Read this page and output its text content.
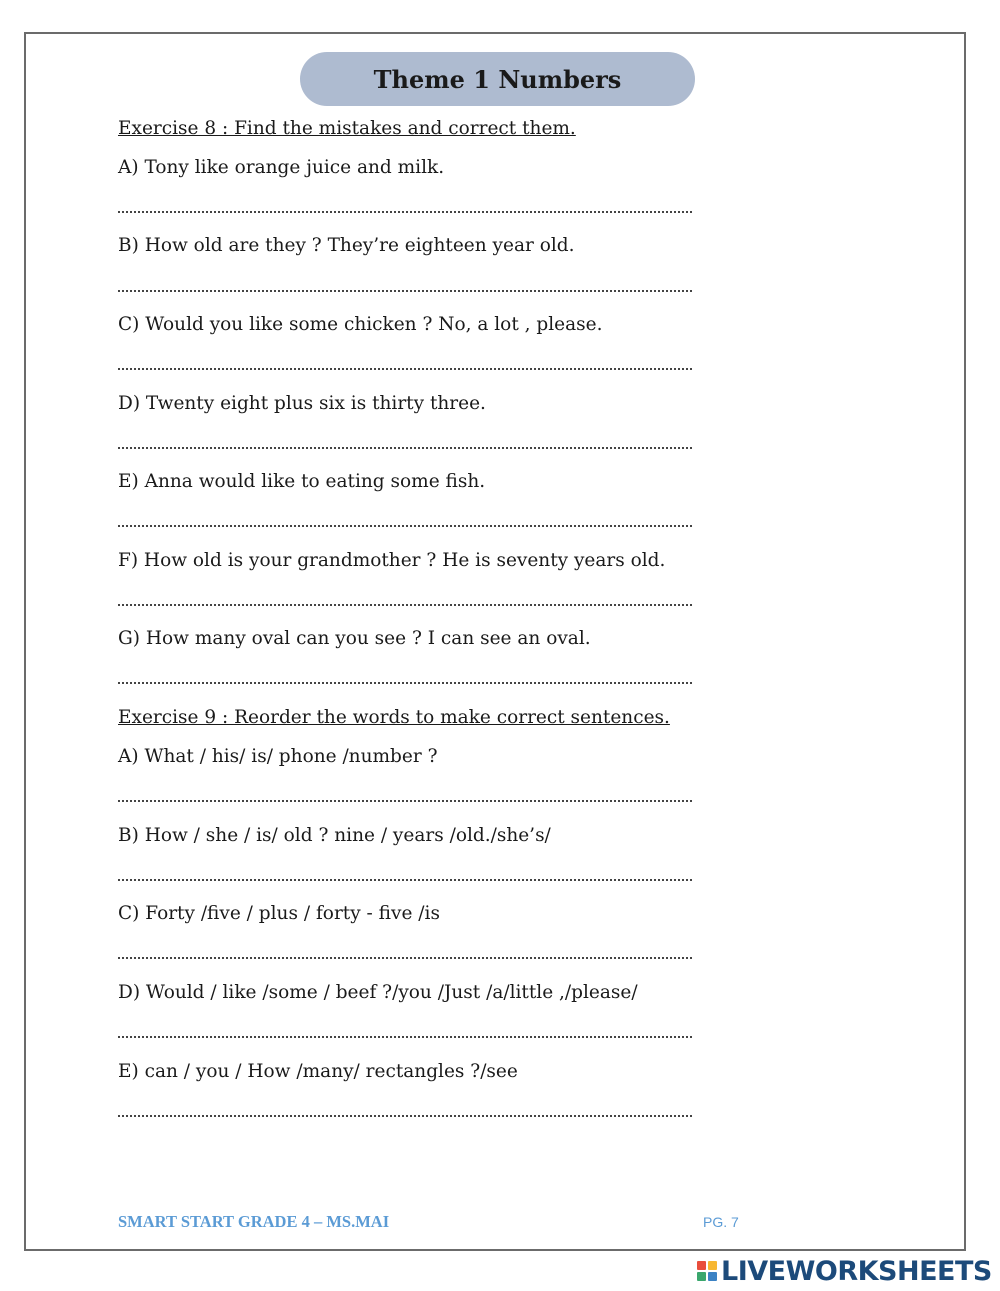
Theme 1 Numbers
Exercise 8 : Find the mistakes and correct them.
A) Tony like orange juice and milk.
B) How old are they ? They’re eighteen year old.
C) Would you like some chicken ? No, a lot , please.
D) Twenty eight plus six is thirty three.
E) Anna would like to eating some fish.
F) How old is your grandmother ? He is seventy years old.
G) How many oval can you see ? I can see an oval.
Exercise 9 : Reorder the words to make correct sentences.
A) What / his/ is/ phone /number ?
B) How / she / is/ old ? nine / years /old./she’s/
C) Forty /five / plus / forty - five /is
D) Would / like /some / beef ?/you /Just /a/little ,/please/
E) can / you / How /many/ rectangles ?/see
SMART START GRADE 4 – MS.MAI	PG. 7
LIVEWORKSHEETS
